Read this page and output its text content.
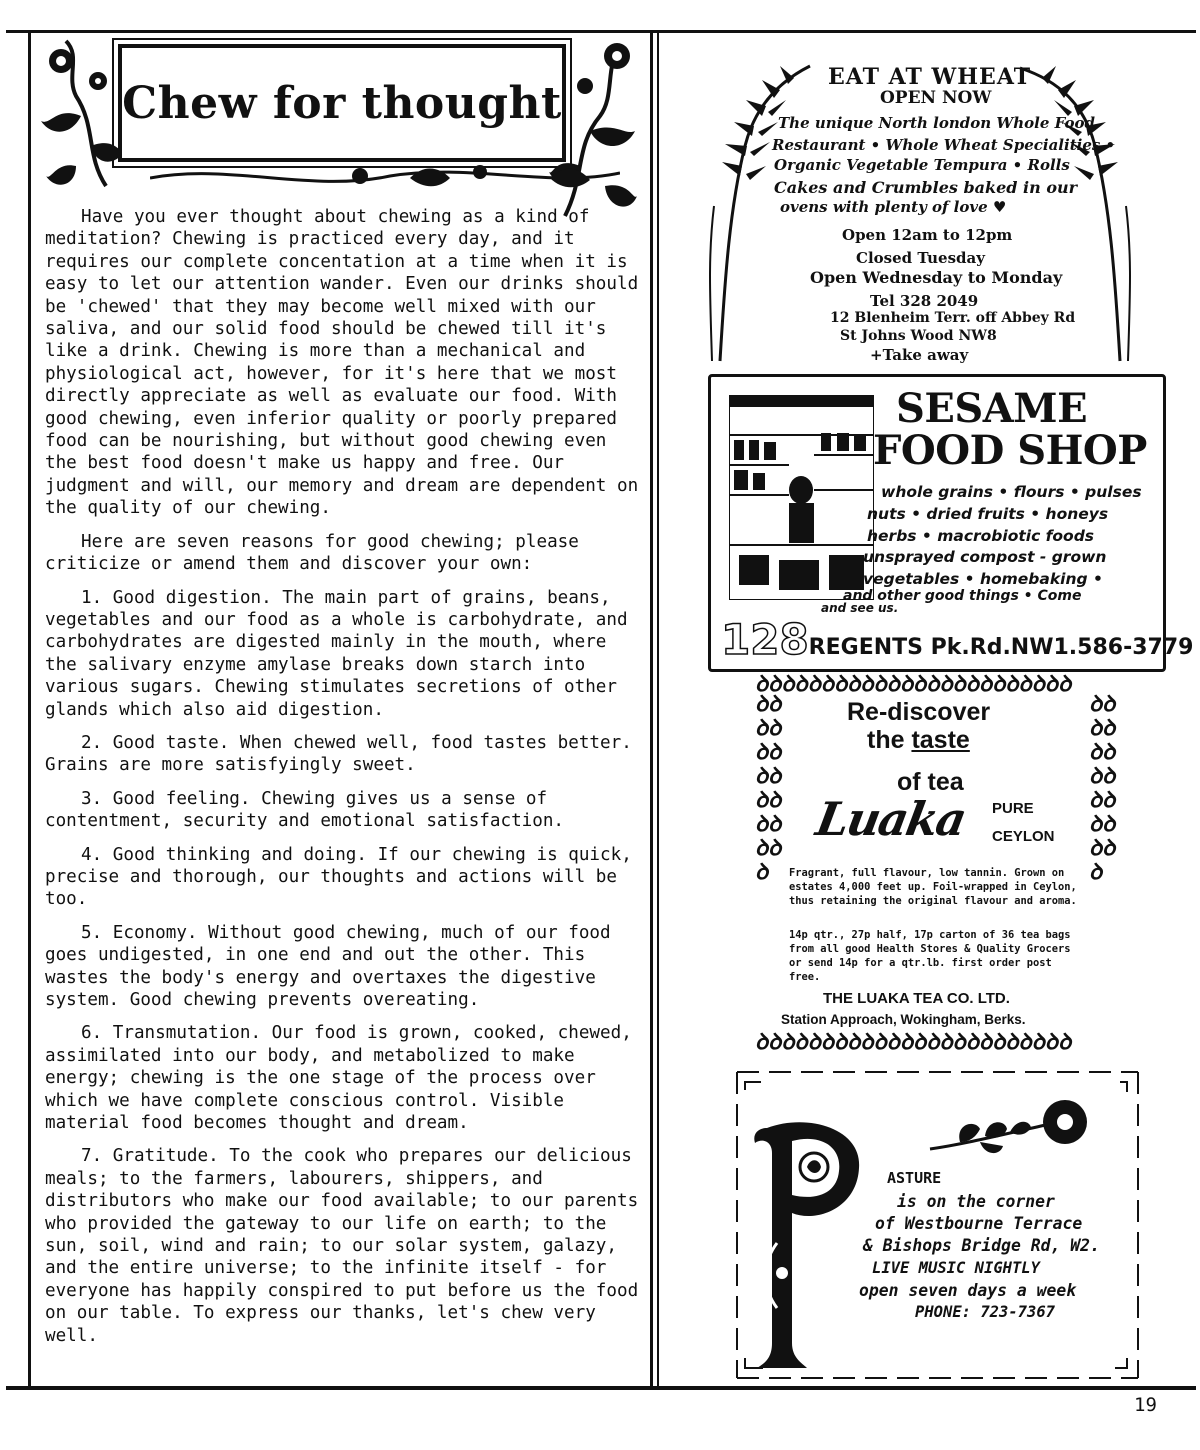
Chew for thought

Have you ever thought about chewing as a kind of meditation? Chewing is practiced every day, and it requires our complete concentation at a time when it is easy to let our attention wander. Even our drinks should be 'chewed' that they may become well mixed with our saliva, and our solid food should be chewed till it's like a drink. Chewing is more than a mechanical and physiological act, however, for it's here that we most directly appreciate as well as evaluate our food. With good chewing, even inferior quality or poorly prepared food can be nourishing, but without good chewing even the best food doesn't make us happy and free. Our judgment and will, our memory and dream are dependent on the quality of our chewing.

Here are seven reasons for good chewing; please criticize or amend them and discover your own:

1. Good digestion. The main part of grains, beans, vegetables and our food as a whole is carbohydrate, and carbohydrates are digested mainly in the mouth, where the salivary enzyme amylase breaks down starch into various sugars. Chewing stimulates secretions of other glands which also aid digestion.

2. Good taste. When chewed well, food tastes better. Grains are more satisfyingly sweet.

3. Good feeling. Chewing gives us a sense of contentment, security and emotional satisfaction.

4. Good thinking and doing. If our chewing is quick, precise and thorough, our thoughts and actions will be too.

5. Economy. Without good chewing, much of our food goes undigested, in one end and out the other. This wastes the body's energy and overtaxes the digestive system. Good chewing prevents overeating.

6. Transmutation. Our food is grown, cooked, chewed, assimilated into our body, and metabolized to make energy; chewing is the one stage of the process over which we have complete conscious control. Visible material food becomes thought and dream.

7. Gratitude. To the cook who prepares our delicious meals; to the farmers, labourers, shippers, and distributors who make our food available; to our parents who provided the gateway to our life on earth; to the sun, soil, wind and rain; to our solar system, galazy, and the entire universe; to the infinite itself - for everyone has happily conspired to put before us the food on our table. To express our thanks, let's chew very well.

EAT AT WHEAT
OPEN NOW
The unique North london Whole Food
Restaurant • Whole Wheat Specialities •
Organic Vegetable Tempura • Rolls
Cakes and Crumbles baked in our
ovens with plenty of love ♥
Open 12am to 12pm
Closed Tuesday
Open Wednesday to Monday
Tel 328 2049
12 Blenheim Terr. off Abbey Rd
St Johns Wood NW8
+Take away
SESAME
FOOD SHOP
whole grains • flours • pulses
nuts • dried fruits • honeys
herbs • macrobiotic foods
unsprayed compost - grown
vegetables • homebaking •
and other good things • Come
and see us.
128REGENTS Pk.Rd.NW1.586-3779
ꝺꝺꝺꝺꝺꝺꝺꝺꝺꝺꝺꝺꝺꝺꝺꝺꝺꝺꝺꝺꝺꝺꝺꝺ
ꝺꝺꝺꝺꝺꝺꝺꝺꝺꝺꝺꝺꝺꝺꝺꝺꝺꝺꝺꝺꝺꝺꝺꝺ
ꝺꝺꝺꝺꝺꝺꝺꝺꝺꝺꝺꝺꝺꝺꝺ
ꝺꝺꝺꝺꝺꝺꝺꝺꝺꝺꝺꝺꝺꝺꝺ
Re-discover
the taste
of tea
Luaka PURE
CEYLON
Fragrant, full flavour, low tannin. Grown on estates 4,000 feet up. Foil-wrapped in Ceylon, thus retaining the original flavour and aroma.
14p qtr., 27p half, 17p carton of 36 tea bags from all good Health Stores & Quality Grocers or send 14p for a qtr.lb. first order post free.
THE LUAKA TEA CO. LTD.
Station Approach, Wokingham, Berks.
ASTURE
is on the corner
of Westbourne Terrace
& Bishops Bridge Rd, W2.
LIVE MUSIC NIGHTLY
open seven days a week
PHONE: 723-7367
19
